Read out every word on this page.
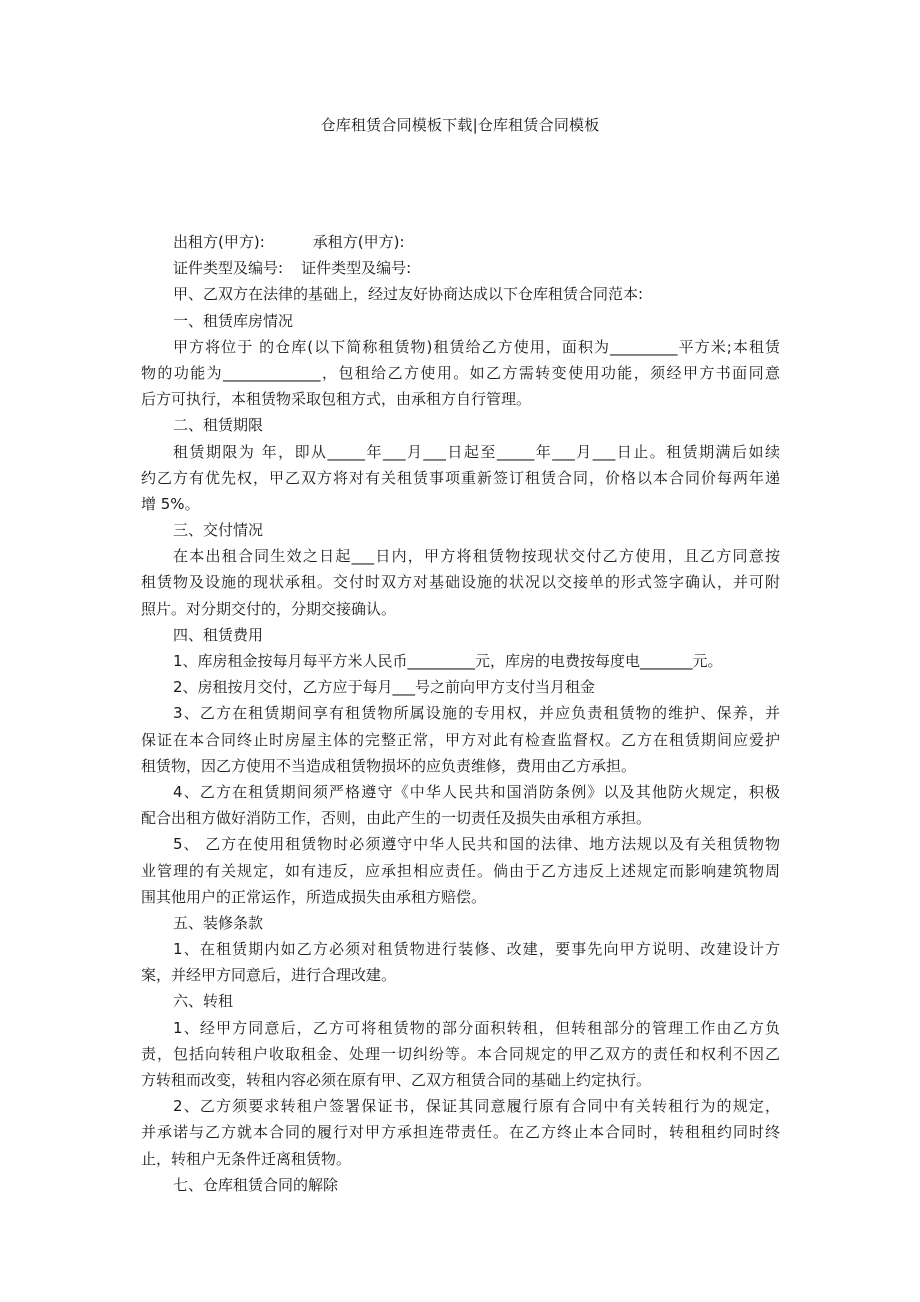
仓库租赁合同模板下载|仓库租赁合同模板
出租方(甲方):	承租方(甲方):
证件类型及编号: 证件类型及编号:
甲、乙双方在法律的基础上，经过友好协商达成以下仓库租赁合同范本:
一、租赁库房情况
甲方将位于 的仓库(以下简称租赁物)租赁给乙方使用，面积为_________平方米;本租赁
物的功能为_____________，包租给乙方使用。如乙方需转变使用功能，须经甲方书面同意
后方可执行，本租赁物采取包租方式，由承租方自行管理。
二、租赁期限
租赁期限为 年，即从_____年___月___日起至_____年___月___日止。租赁期满后如续
约乙方有优先权，甲乙双方将对有关租赁事项重新签订租赁合同，价格以本合同价每两年递
增 5%。
三、交付情况
在本出租合同生效之日起___日内，甲方将租赁物按现状交付乙方使用，且乙方同意按
租赁物及设施的现状承租。交付时双方对基础设施的状况以交接单的形式签字确认，并可附
照片。对分期交付的，分期交接确认。
四、租赁费用
1、库房租金按每月每平方米人民币_________元，库房的电费按每度电_______元。
2、房租按月交付，乙方应于每月___号之前向甲方支付当月租金
3、乙方在租赁期间享有租赁物所属设施的专用权，并应负责租赁物的维护、保养，并
保证在本合同终止时房屋主体的完整正常，甲方对此有检查监督权。乙方在租赁期间应爱护
租赁物，因乙方使用不当造成租赁物损坏的应负责维修，费用由乙方承担。
4、乙方在租赁期间须严格遵守《中华人民共和国消防条例》以及其他防火规定，积极
配合出租方做好消防工作，否则，由此产生的一切责任及损失由承租方承担。
5、 乙方在使用租赁物时必须遵守中华人民共和国的法律、地方法规以及有关租赁物物
业管理的有关规定，如有违反，应承担相应责任。倘由于乙方违反上述规定而影响建筑物周
围其他用户的正常运作，所造成损失由承租方赔偿。
五、装修条款
1、在租赁期内如乙方必须对租赁物进行装修、改建，要事先向甲方说明、改建设计方
案，并经甲方同意后，进行合理改建。
六、转租
1、经甲方同意后，乙方可将租赁物的部分面积转租，但转租部分的管理工作由乙方负
责，包括向转租户收取租金、处理一切纠纷等。本合同规定的甲乙双方的责任和权利不因乙
方转租而改变，转租内容必须在原有甲、乙双方租赁合同的基础上约定执行。
2、乙方须要求转租户签署保证书，保证其同意履行原有合同中有关转租行为的规定，
并承诺与乙方就本合同的履行对甲方承担连带责任。在乙方终止本合同时，转租租约同时终
止，转租户无条件迁离租赁物。
七、仓库租赁合同的解除
